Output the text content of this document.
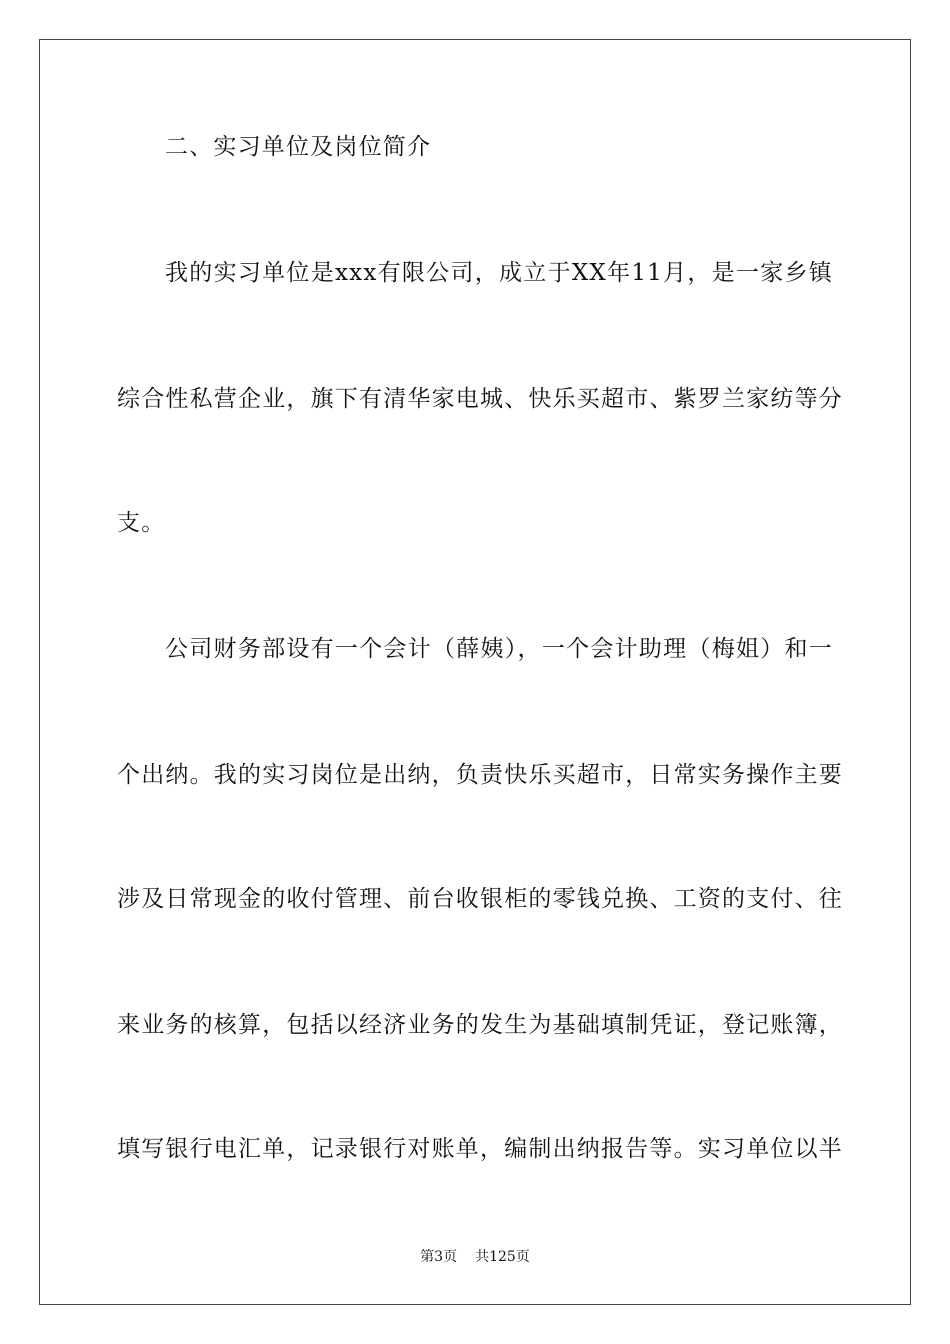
二、实习单位及岗位简介
我的实习单位是xxx有限公司，成立于XX年11月，是一家乡镇
综合性私营企业，旗下有清华家电城、快乐买超市、紫罗兰家纺等分
支。
公司财务部设有一个会计（薛姨），一个会计助理（梅姐）和一
个出纳。我的实习岗位是出纳，负责快乐买超市，日常实务操作主要
涉及日常现金的收付管理、前台收银柜的零钱兑换、工资的支付、往
来业务的核算，包括以经济业务的发生为基础填制凭证，登记账簿，
填写银行电汇单，记录银行对账单，编制出纳报告等。实习单位以半
第3页 共125页
